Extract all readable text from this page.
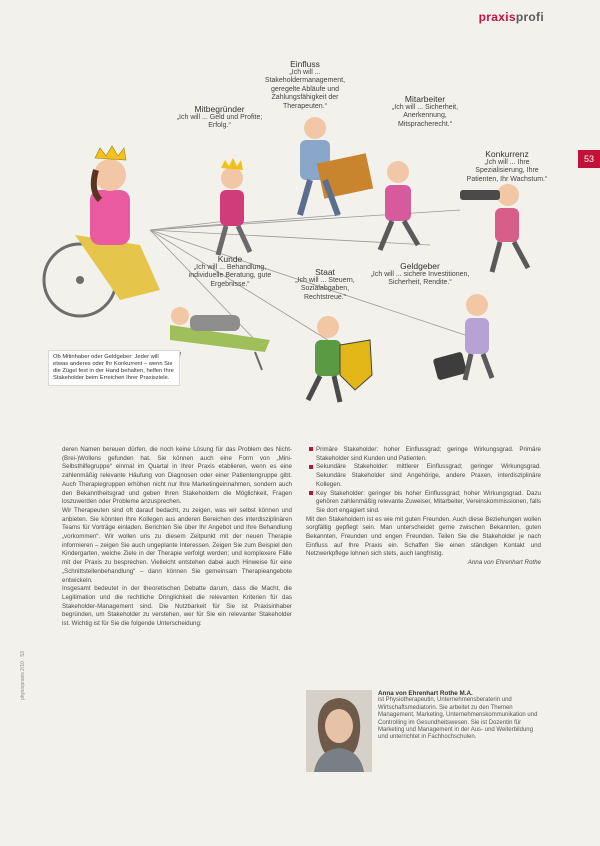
praxisprofi
53
Einfluss
„Ich will ... Stakeholdermanagement, geregelte Abläufe und Zahlungsfähigkeit der Therapeuten.“
Mitbegründer
„Ich will ... Geld und Profite; Erfolg.“
Mitarbeiter
„Ich will ... Sicherheit, Anerkennung, Mitspracherecht.“
Konkurrenz
„Ich will ... Ihre Spezialisierung, Ihre Patienten, Ihr Wachstum.“
Kunde
„Ich will ... Behandlung, individuelle Beratung, gute Ergebnisse.“
Staat
„Ich will ... Steuern, Sozialabgaben, Rechtstreue.“
Geldgeber
„Ich will ... sichere Investitionen, Sicherheit, Rendite.“
Ob Mitinhaber oder Geldgeber: Jeder will etwas anderes oder Ihr Konkurrent – wenn Sie die Zügel fest in der Hand behalten, helfen Ihre Stakeholder beim Erreichen Ihrer Praxisziele.

deren Namen bereuen dürfen, die noch keine Lösung für das Problem des Nicht-(Brei-)Wollens gefunden hat. Sie können auch eine Form von „Mini-Selbsthilfegruppe“ einmal im Quartal in Ihrer Praxis etablieren, wenn es eine zahlenmäßig relevante Häufung von Diagnosen oder einer Patientengruppe gibt. Auch Therapiegruppen erhöhen nicht nur Ihre Marketingeinnahmen, sondern auch den Bekanntheitsgrad und geben Ihren Stakeholdern die Möglichkeit, Fragen loszuwerden oder Probleme anzusprechen.

Wir Therapeuten sind oft darauf bedacht, zu zeigen, was wir selbst können und anbieten. Sie könnten Ihre Kollegen aus anderen Bereichen des interdisziplinären Teams für Vorträge einladen. Berichten Sie über Ihr Angebot und Ihre Behandlung „vorkommen“. Wir wollen uns zu diesem Zeitpunkt mit der neuen Therapie informieren – zeigen Sie auch ungeplante Interessen. Zeigen Sie zum Beispiel den Kindergarten, welche Ziele in der Therapie verfolgt werden; und komplexere Fälle mit der Praxis zu besprechen. Vielleicht entstehen dabei auch Hinweise für eine „Schnittstellenbehandlung“ – dann können Sie gemeinsam Therapieangebote entwickeln.

Insgesamt bedeutet in der theoretischen Debatte darum, dass die Macht, die Legitimation und die rechtliche Dringlichkeit die relevanten Kriterien für das Stakeholder-Management sind. Die Nutzbarkeit für Sie ist Praxisinhaber begründen, um Stakeholder zu verstehen, wer für Sie ein relevanter Stakeholder ist. Wichtig ist für Sie die folgende Unterscheidung:

Primäre Stakeholder: hoher Einflussgrad; geringe Wirkungsgrad. Primäre Stakeholder sind Kunden und Patienten.

Sekundäre Stakeholder: mittlerer Einflussgrad; geringer Wirkungsgrad. Sekundäre Stakeholder sind Angehörige, andere Praxen, interdisziplinäre Kollegen.

Key Stakeholder: geringer bis hoher Einflussgrad; hoher Wirkungsgrad. Dazu gehören zahlenmäßig relevante Zuweiser, Mitarbeiter, Vereinskommissionen, falls Sie dort engagiert sind.

Mit den Stakeholdern ist es wie mit guten Freunden. Auch diese Beziehungen wollen sorgfältig gepflegt sein. Man unterscheidet gerne zwischen Bekannten, guten Bekannten, Freunden und engen Freunden. Teilen Sie die Stakeholder je nach Einfluss auf Ihre Praxis ein. Schaffen Sie einen ständigen Kontakt und Netzwerkpflege lohnen sich stets, auch langfristig.

Anna von Ehrenhart Rothe

Anna von Ehrenhart Rothe M.A.
ist Physiotherapeutin, Unternehmensberaterin und Wirtschaftsmediatorin. Sie arbeitet zu den Themen Management, Marketing, Unternehmenskommunikation und Controlling im Gesundheitswesen. Sie ist Dozentin für Marketing und Management in der Aus- und Weiterbildung und unterrichtet in Fachhochschulen.
physiopraxis 2/10 · 53
